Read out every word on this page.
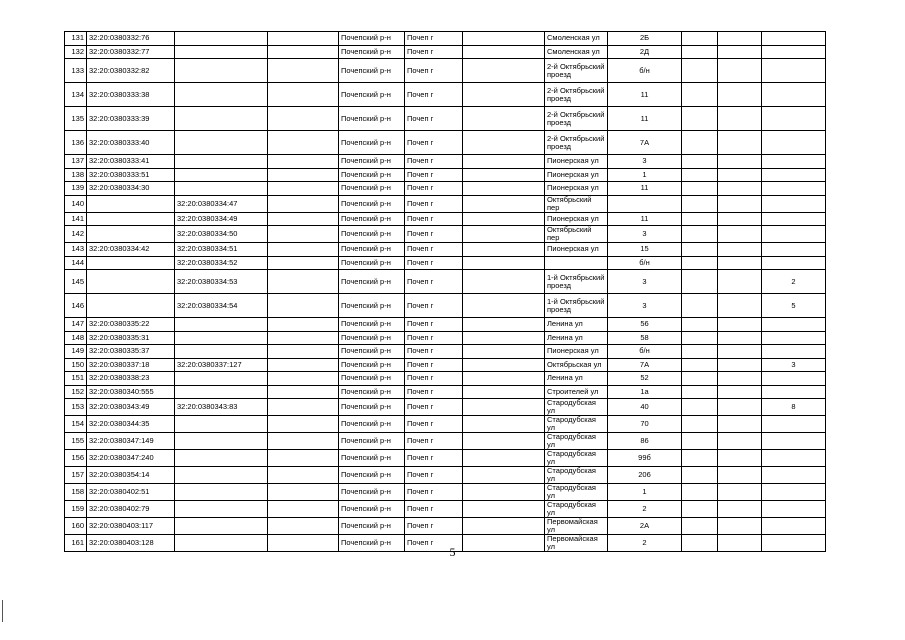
131	32:20:0380332:76			Почепский р-н	Почеп г		Смоленская ул	2Б			
132	32:20:0380332:77			Почепский р-н	Почеп г		Смоленская ул	2Д			
133	32:20:0380332:82			Почепский р-н	Почеп г		2-й Октябрьский проезд	б/н			
134	32:20:0380333:38			Почепский р-н	Почеп г		2-й Октябрьский проезд	11			
135	32:20:0380333:39			Почепский р-н	Почеп г		2-й Октябрьский проезд	11			
136	32:20:0380333:40			Почепский р-н	Почеп г		2-й Октябрьский проезд	7А			
137	32:20:0380333:41			Почепский р-н	Почеп г		Пионерская ул	3			
138	32:20:0380333:51			Почепский р-н	Почеп г		Пионерская ул	1			
139	32:20:0380334:30			Почепский р-н	Почеп г		Пионерская ул	11			
140		32:20:0380334:47		Почепский р-н	Почеп г		Октябрьский пер				
141		32:20:0380334:49		Почепский р-н	Почеп г		Пионерская ул	11			
142		32:20:0380334:50		Почепский р-н	Почеп г		Октябрьский пер	3			
143	32:20:0380334:42	32:20:0380334:51		Почепский р-н	Почеп г		Пионерская ул	15			
144		32:20:0380334:52		Почепский р-н	Почеп г			б/н			
145		32:20:0380334:53		Почепский р-н	Почеп г		1-й Октябрьский проезд	3			2
146		32:20:0380334:54		Почепский р-н	Почеп г		1-й Октябрьский проезд	3			5
147	32:20:0380335:22			Почепский р-н	Почеп г		Ленина ул	56			
148	32:20:0380335:31			Почепский р-н	Почеп г		Ленина ул	58			
149	32:20:0380335:37			Почепский р-н	Почеп г		Пионерская ул	б/н			
150	32:20:0380337:18	32:20:0380337:127		Почепский р-н	Почеп г		Октябрьская ул	7А			3
151	32:20:0380338:23			Почепский р-н	Почеп г		Ленина ул	52			
152	32:20:0380340:555			Почепский р-н	Почеп г		Строителей ул	1а			
153	32:20:0380343:49	32:20:0380343:83		Почепский р-н	Почеп г		Стародубская ул	40			8
154	32:20:0380344:35			Почепский р-н	Почеп г		Стародубская ул	70			
155	32:20:0380347:149			Почепский р-н	Почеп г		Стародубская ул	86			
156	32:20:0380347:240			Почепский р-н	Почеп г		Стародубская ул	99б			
157	32:20:0380354:14			Почепский р-н	Почеп г		Стародубская ул	206			
158	32:20:0380402:51			Почепский р-н	Почеп г		Стародубская ул	1			
159	32:20:0380402:79			Почепский р-н	Почеп г		Стародубская ул	2			
160	32:20:0380403:117			Почепский р-н	Почеп г		Первомайская ул	2А			
161	32:20:0380403:128			Почепский р-н	Почеп г		Первомайская ул	2			
5
